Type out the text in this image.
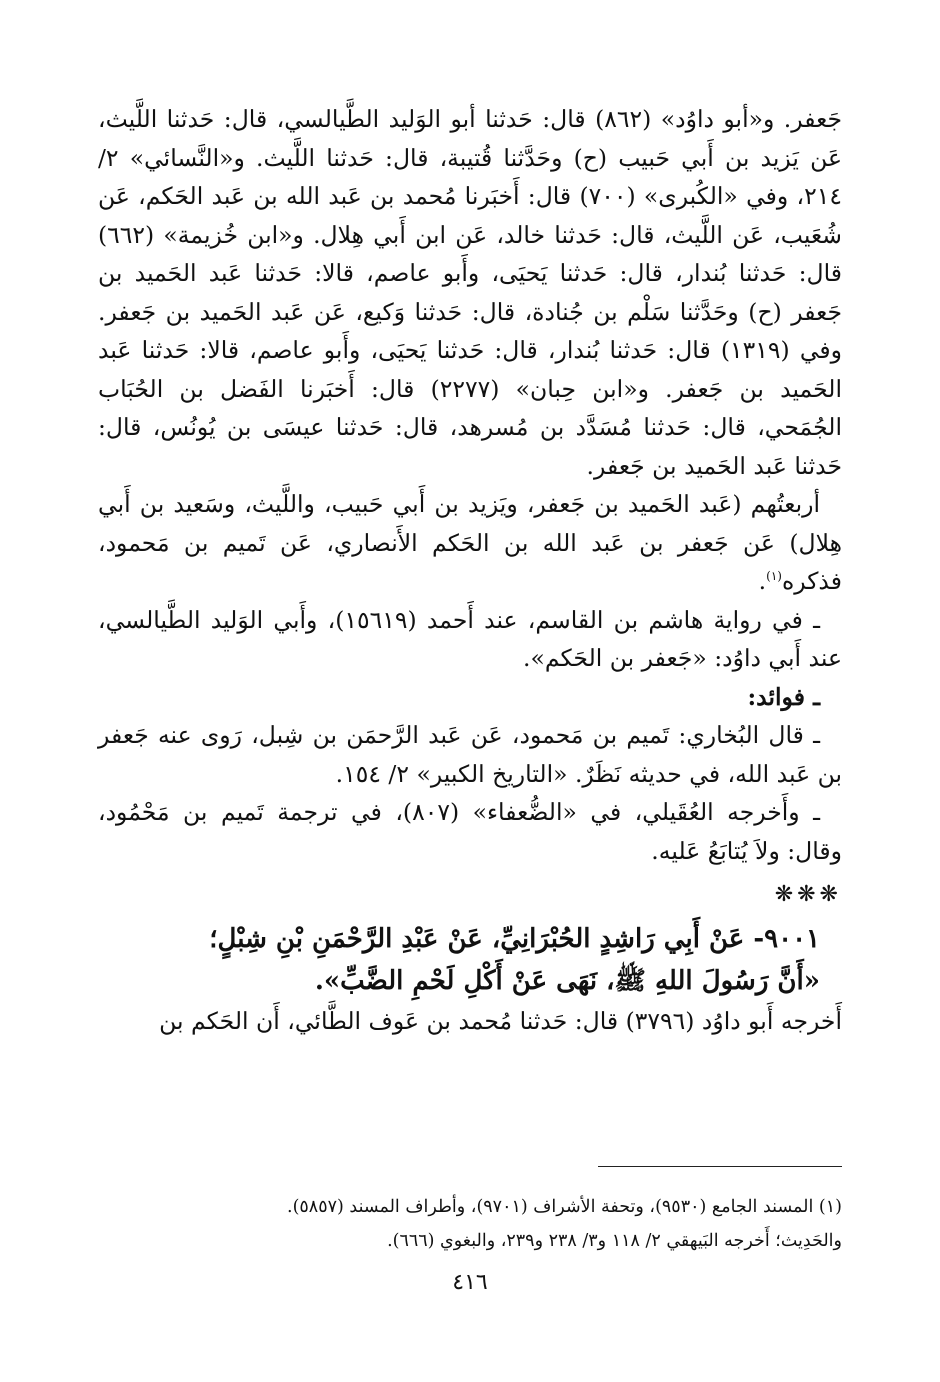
جَعفر. و«أبو داوُد» (٨٦٢) قال: حَدثنا أبو الوَليد الطَّيالسي، قال: حَدثنا اللَّيث، عَن يَزيد بن أَبي حَبيب (ح) وحَدَّثنا قُتيبة، قال: حَدثنا اللَّيث. و«النَّسائي» ٢/ ٢١٤، وفي «الكُبرى» (٧٠٠) قال: أَخبَرنا مُحمد بن عَبد الله بن عَبد الحَكم، عَن شُعَيب، عَن اللَّيث، قال: حَدثنا خالد، عَن ابن أَبي هِلال. و«ابن خُزيمة» (٦٦٢) قال: حَدثنا بُندار، قال: حَدثنا يَحيَى، وأَبو عاصم، قالا: حَدثنا عَبد الحَميد بن جَعفر (ح) وحَدَّثنا سَلْم بن جُنادة، قال: حَدثنا وَكيع، عَن عَبد الحَميد بن جَعفر. وفي (١٣١٩) قال: حَدثنا بُندار، قال: حَدثنا يَحيَى، وأَبو عاصم، قالا: حَدثنا عَبد الحَميد بن جَعفر. و«ابن حِبان» (٢٢٧٧) قال: أَخبَرنا الفَضل بن الحُبَاب الجُمَحي، قال: حَدثنا مُسَدَّد بن مُسرهد، قال: حَدثنا عيسَى بن يُونُس، قال: حَدثنا عَبد الحَميد بن جَعفر.

أربعتُهم (عَبد الحَميد بن جَعفر، ويَزيد بن أَبي حَبيب، واللَّيث، وسَعيد بن أَبي هِلال) عَن جَعفر بن عَبد الله بن الحَكم الأَنصاري، عَن تَميم بن مَحمود، فذكره$^{(١)}$.

ـ في رواية هاشم بن القاسم، عند أَحمد (١٥٦١٩)، وأَبي الوَليد الطَّيالسي، عند أَبي داوُد: «جَعفر بن الحَكم».

ـ فوائد:

ـ قال البُخاري: تَميم بن مَحمود، عَن عَبد الرَّحمَن بن شِبل، رَوى عنه جَعفر بن عَبد الله، في حديثه نَظَرٌ. «التاريخ الكبير» ٢/ ١٥٤.

ـ وأَخرجه العُقَيلي، في «الضُّعفاء» (٨٠٧)، في ترجمة تَميم بن مَحْمُود، وقال: ولاَ يُتابَعُ عَليه.

❋❋❋

٩٠٠١- عَنْ أَبِي رَاشِدٍ الحُبْرَانِيِّ، عَنْ عَبْدِ الرَّحْمَنِ بْنِ شِبْلٍ؛

«أَنَّ رَسُولَ اللهِ ﷺ، نَهَى عَنْ أَكْلِ لَحْمِ الضَّبِّ».

أَخرجه أَبو داوُد (٣٧٩٦) قال: حَدثنا مُحمد بن عَوف الطَّائي، أَن الحَكم بن

(١) المسند الجامع (٩٥٣٠)، وتحفة الأشراف (٩٧٠١)، وأطراف المسند (٥٨٥٧).

والحَدِيث؛ أَخرجه البَيهقي ٢/ ١١٨ و٣/ ٢٣٨ و٢٣٩، والبغوي (٦٦٦).

٤١٦
